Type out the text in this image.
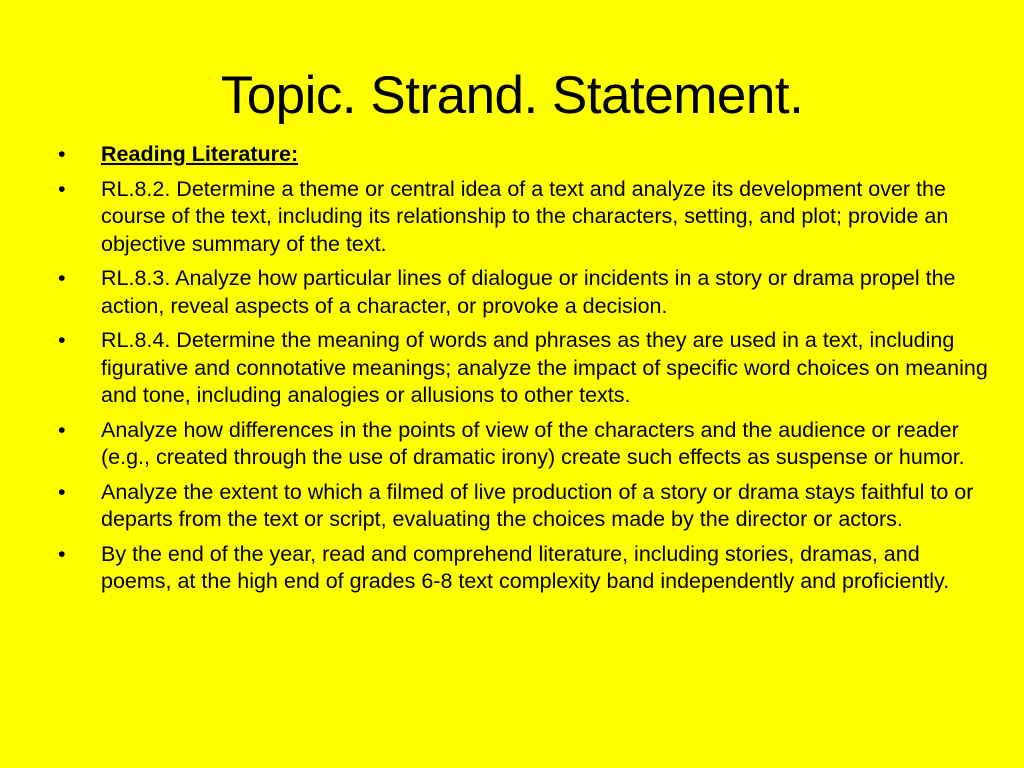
Topic. Strand. Statement.
•	Reading Literature:
•	RL.8.2. Determine a theme or central idea of a text and analyze its development over the course of the text, including its relationship to the characters, setting, and plot; provide an objective summary of the text.
•	RL.8.3. Analyze how particular lines of dialogue or incidents in a story or drama propel the action, reveal aspects of a character, or provoke a decision.
•	RL.8.4. Determine the meaning of words and phrases as they are used in a text, including figurative and connotative meanings; analyze the impact of specific word choices on meaning and tone, including analogies or allusions to other texts.
•	Analyze how differences in the points of view of the characters and the audience or reader (e.g., created through the use of dramatic irony) create such effects as suspense or humor.
•	Analyze the extent to which a filmed of live production of a story or drama stays faithful to or departs from the text or script, evaluating the choices made by the director or actors.
•	By the end of the year, read and comprehend literature, including stories, dramas, and poems, at the high end of grades 6-8 text complexity band independently and proficiently.
